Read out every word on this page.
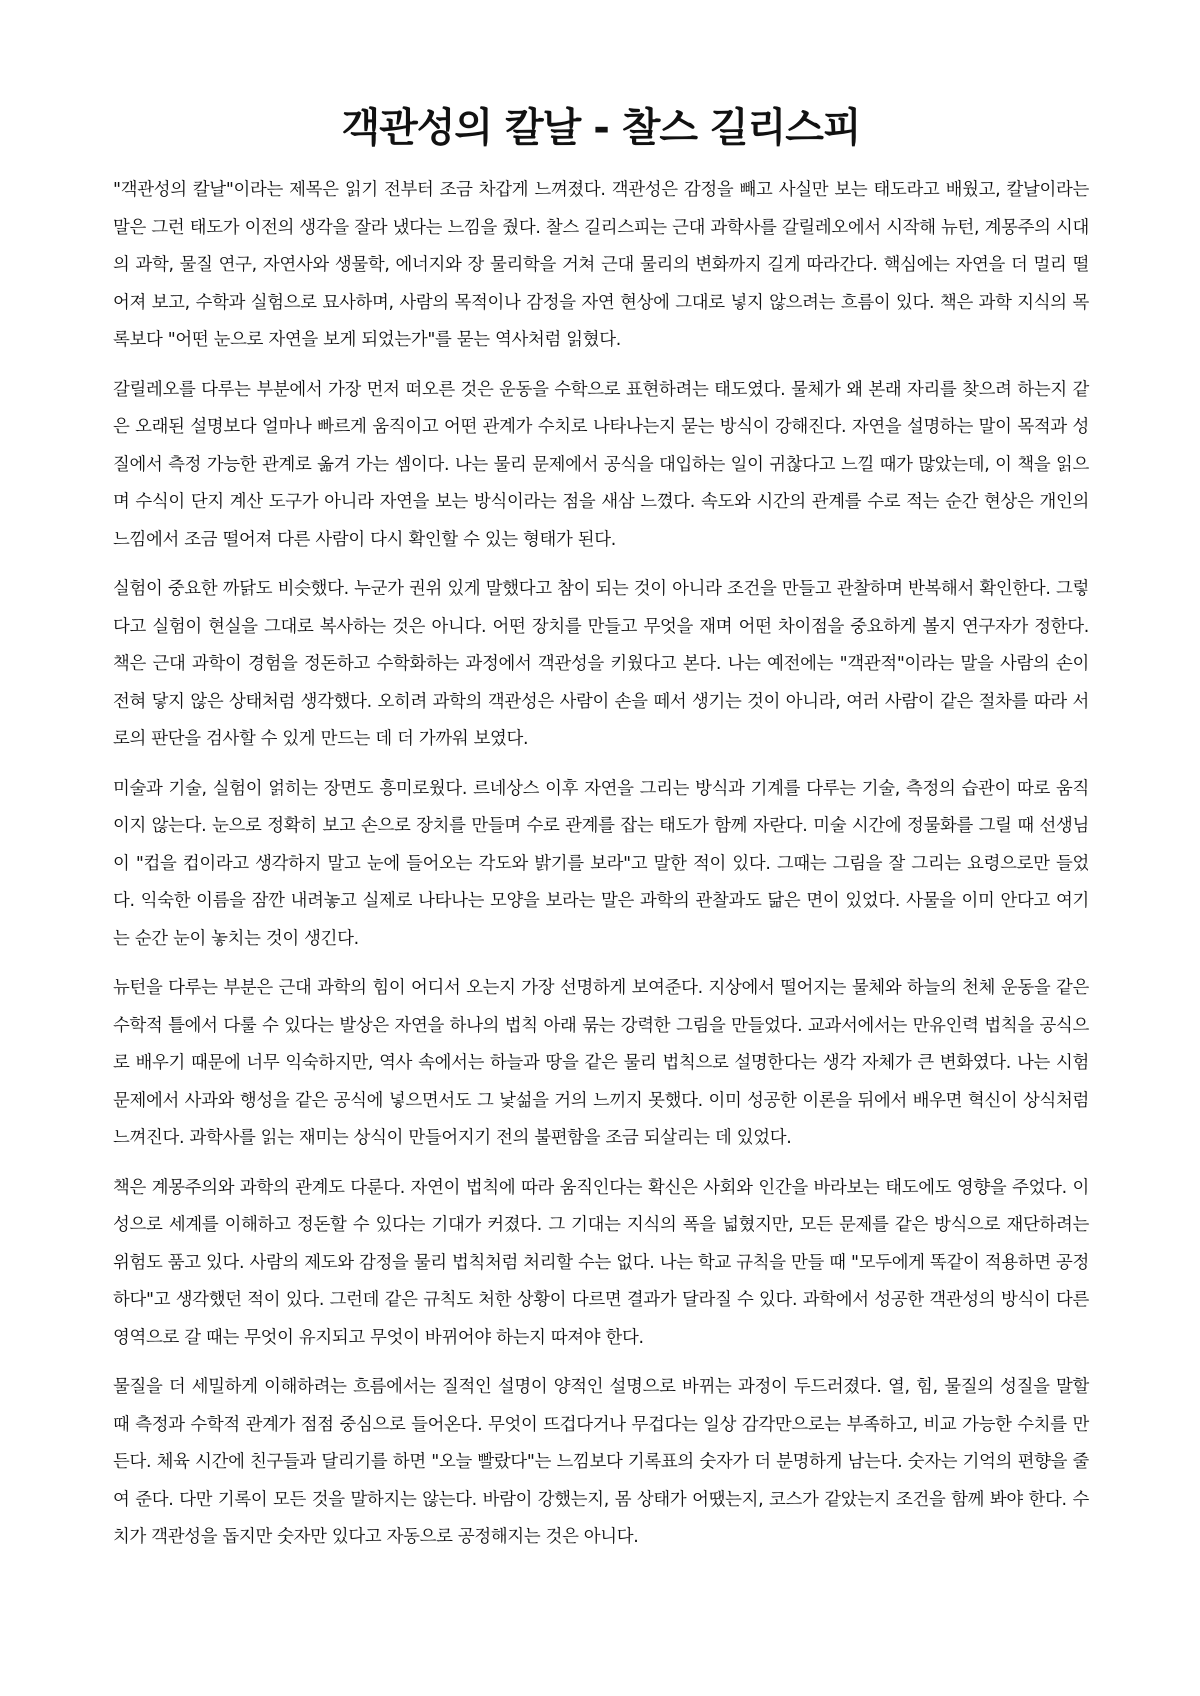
객관성의 칼날 - 찰스 길리스피

"객관성의 칼날"이라는 제목은 읽기 전부터 조금 차갑게 느껴졌다. 객관성은 감정을 빼고 사실만 보는 태도라고 배웠고, 칼날이라는 말은 그런 태도가 이전의 생각을 잘라 냈다는 느낌을 줬다. 찰스 길리스피는 근대 과학사를 갈릴레오에서 시작해 뉴턴, 계몽주의 시대의 과학, 물질 연구, 자연사와 생물학, 에너지와 장 물리학을 거쳐 근대 물리의 변화까지 길게 따라간다. 핵심에는 자연을 더 멀리 떨어져 보고, 수학과 실험으로 묘사하며, 사람의 목적이나 감정을 자연 현상에 그대로 넣지 않으려는 흐름이 있다. 책은 과학 지식의 목록보다 "어떤 눈으로 자연을 보게 되었는가"를 묻는 역사처럼 읽혔다.

갈릴레오를 다루는 부분에서 가장 먼저 떠오른 것은 운동을 수학으로 표현하려는 태도였다. 물체가 왜 본래 자리를 찾으려 하는지 같은 오래된 설명보다 얼마나 빠르게 움직이고 어떤 관계가 수치로 나타나는지 묻는 방식이 강해진다. 자연을 설명하는 말이 목적과 성질에서 측정 가능한 관계로 옮겨 가는 셈이다. 나는 물리 문제에서 공식을 대입하는 일이 귀찮다고 느낄 때가 많았는데, 이 책을 읽으며 수식이 단지 계산 도구가 아니라 자연을 보는 방식이라는 점을 새삼 느꼈다. 속도와 시간의 관계를 수로 적는 순간 현상은 개인의 느낌에서 조금 떨어져 다른 사람이 다시 확인할 수 있는 형태가 된다.

실험이 중요한 까닭도 비슷했다. 누군가 권위 있게 말했다고 참이 되는 것이 아니라 조건을 만들고 관찰하며 반복해서 확인한다. 그렇다고 실험이 현실을 그대로 복사하는 것은 아니다. 어떤 장치를 만들고 무엇을 재며 어떤 차이점을 중요하게 볼지 연구자가 정한다. 책은 근대 과학이 경험을 정돈하고 수학화하는 과정에서 객관성을 키웠다고 본다. 나는 예전에는 "객관적"이라는 말을 사람의 손이 전혀 닿지 않은 상태처럼 생각했다. 오히려 과학의 객관성은 사람이 손을 떼서 생기는 것이 아니라, 여러 사람이 같은 절차를 따라 서로의 판단을 검사할 수 있게 만드는 데 더 가까워 보였다.

미술과 기술, 실험이 얽히는 장면도 흥미로웠다. 르네상스 이후 자연을 그리는 방식과 기계를 다루는 기술, 측정의 습관이 따로 움직이지 않는다. 눈으로 정확히 보고 손으로 장치를 만들며 수로 관계를 잡는 태도가 함께 자란다. 미술 시간에 정물화를 그릴 때 선생님이 "컵을 컵이라고 생각하지 말고 눈에 들어오는 각도와 밝기를 보라"고 말한 적이 있다. 그때는 그림을 잘 그리는 요령으로만 들었다. 익숙한 이름을 잠깐 내려놓고 실제로 나타나는 모양을 보라는 말은 과학의 관찰과도 닮은 면이 있었다. 사물을 이미 안다고 여기는 순간 눈이 놓치는 것이 생긴다.

뉴턴을 다루는 부분은 근대 과학의 힘이 어디서 오는지 가장 선명하게 보여준다. 지상에서 떨어지는 물체와 하늘의 천체 운동을 같은 수학적 틀에서 다룰 수 있다는 발상은 자연을 하나의 법칙 아래 묶는 강력한 그림을 만들었다. 교과서에서는 만유인력 법칙을 공식으로 배우기 때문에 너무 익숙하지만, 역사 속에서는 하늘과 땅을 같은 물리 법칙으로 설명한다는 생각 자체가 큰 변화였다. 나는 시험 문제에서 사과와 행성을 같은 공식에 넣으면서도 그 낯섦을 거의 느끼지 못했다. 이미 성공한 이론을 뒤에서 배우면 혁신이 상식처럼 느껴진다. 과학사를 읽는 재미는 상식이 만들어지기 전의 불편함을 조금 되살리는 데 있었다.

책은 계몽주의와 과학의 관계도 다룬다. 자연이 법칙에 따라 움직인다는 확신은 사회와 인간을 바라보는 태도에도 영향을 주었다. 이성으로 세계를 이해하고 정돈할 수 있다는 기대가 커졌다. 그 기대는 지식의 폭을 넓혔지만, 모든 문제를 같은 방식으로 재단하려는 위험도 품고 있다. 사람의 제도와 감정을 물리 법칙처럼 처리할 수는 없다. 나는 학교 규칙을 만들 때 "모두에게 똑같이 적용하면 공정하다"고 생각했던 적이 있다. 그런데 같은 규칙도 처한 상황이 다르면 결과가 달라질 수 있다. 과학에서 성공한 객관성의 방식이 다른 영역으로 갈 때는 무엇이 유지되고 무엇이 바뀌어야 하는지 따져야 한다.

물질을 더 세밀하게 이해하려는 흐름에서는 질적인 설명이 양적인 설명으로 바뀌는 과정이 두드러졌다. 열, 힘, 물질의 성질을 말할 때 측정과 수학적 관계가 점점 중심으로 들어온다. 무엇이 뜨겁다거나 무겁다는 일상 감각만으로는 부족하고, 비교 가능한 수치를 만든다. 체육 시간에 친구들과 달리기를 하면 "오늘 빨랐다"는 느낌보다 기록표의 숫자가 더 분명하게 남는다. 숫자는 기억의 편향을 줄여 준다. 다만 기록이 모든 것을 말하지는 않는다. 바람이 강했는지, 몸 상태가 어땠는지, 코스가 같았는지 조건을 함께 봐야 한다. 수치가 객관성을 돕지만 숫자만 있다고 자동으로 공정해지는 것은 아니다.
